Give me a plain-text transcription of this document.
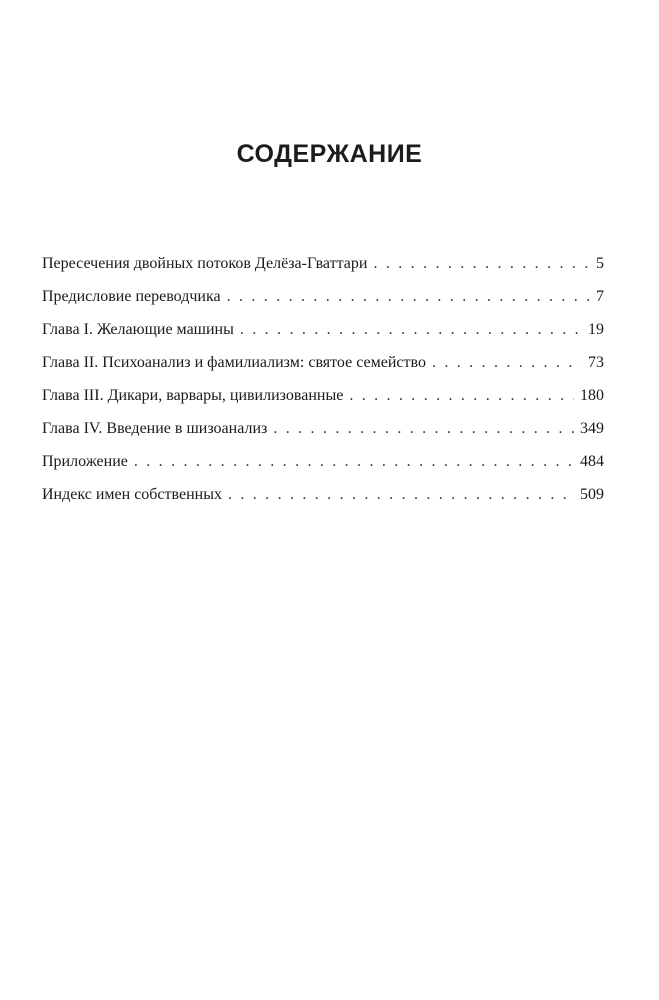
СОДЕРЖАНИЕ
Пересечения двойных потоков Делёза-Гваттари . . .	5
Предисловие переводчика . . .	7
Глава I. Желающие машины . . .	19
Глава II. Психоанализ и фамилиализм: святое семейство . . .	73
Глава III. Дикари, варвары, цивилизованные . . .	180
Глава IV. Введение в шизоанализ . . .	349
Приложение . . .	484
Индекс имен собственных . . .	509
